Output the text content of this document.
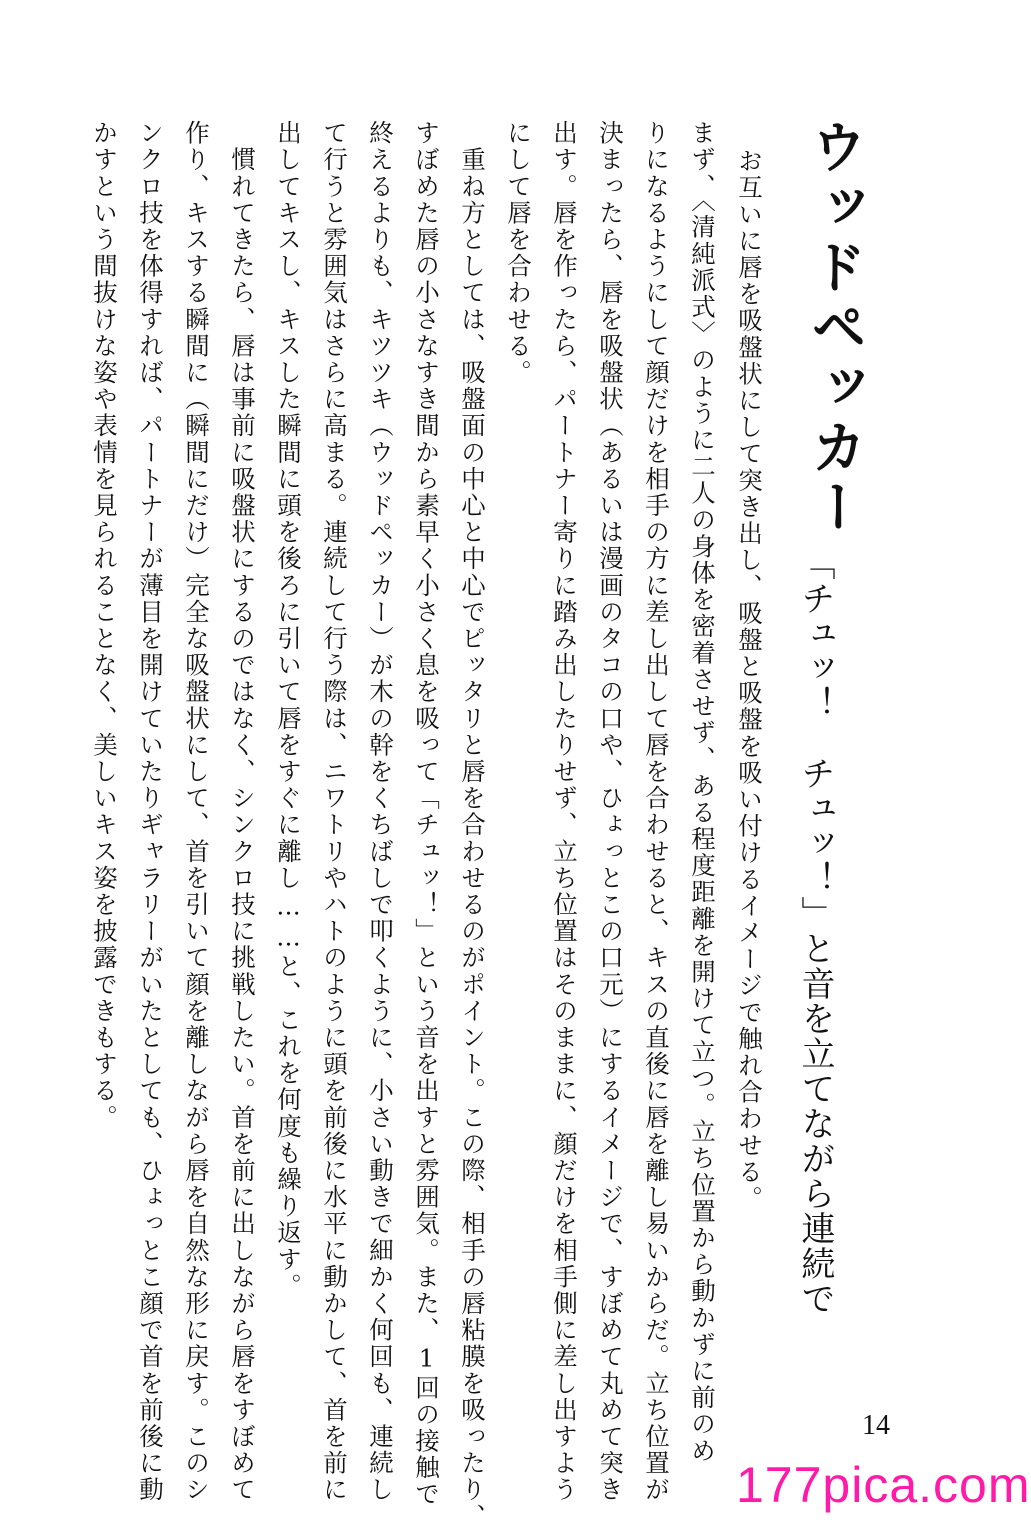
ウッドペッカー
「チュッ！　チュッ！」と音を立てながら連続で
お互いに唇を吸盤状にして突き出し、吸盤と吸盤を吸い付けるイメージで触れ合わせる。
まず、〈清純派式〉のように二人の身体を密着させず、ある程度距離を開けて立つ。立ち位置から動かずに前のめ
りになるようにして顔だけを相手の方に差し出して唇を合わせると、キスの直後に唇を離し易いからだ。立ち位置が
決まったら、唇を吸盤状（あるいは漫画のタコの口や、ひょっとこの口元）にするイメージで、すぼめて丸めて突き
出す。唇を作ったら、パートナー寄りに踏み出したりせず、立ち位置はそのままに、顔だけを相手側に差し出すよう
にして唇を合わせる。
　重ね方としては、吸盤面の中心と中心でピッタリと唇を合わせるのがポイント。この際、相手の唇粘膜を吸ったり、
すぼめた唇の小さなすき間から素早く小さく息を吸って「チュッ！」という音を出すと雰囲気。また、1回の接触で
終えるよりも、キツツキ（ウッドペッカー）が木の幹をくちばしで叩くように、小さい動きで細かく何回も、連続し
て行うと雰囲気はさらに高まる。連続して行う際は、ニワトリやハトのように頭を前後に水平に動かして、首を前に
出してキスし、キスした瞬間に頭を後ろに引いて唇をすぐに離し……と、これを何度も繰り返す。
　慣れてきたら、唇は事前に吸盤状にするのではなく、シンクロ技に挑戦したい。首を前に出しながら唇をすぼめて
作り、キスする瞬間に（瞬間にだけ）完全な吸盤状にして、首を引いて顔を離しながら唇を自然な形に戻す。このシ
ンクロ技を体得すれば、パートナーが薄目を開けていたりギャラリーがいたとしても、ひょっとこ顔で首を前後に動
かすという間抜けな姿や表情を見られることなく、美しいキス姿を披露できもする。
14
177pica.com
